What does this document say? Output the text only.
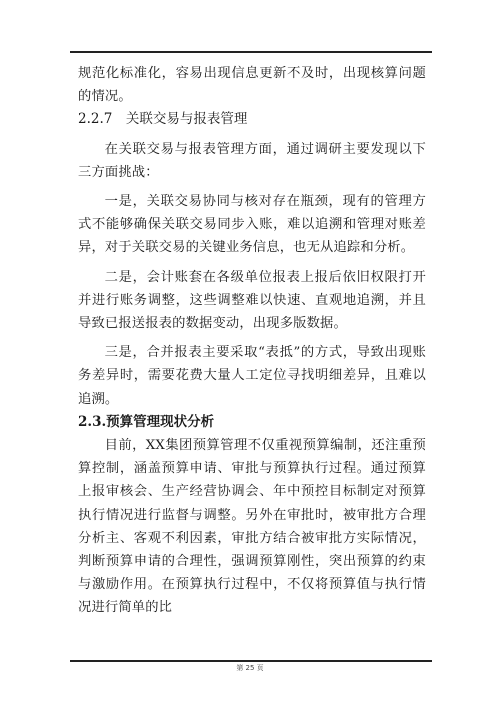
规范化标准化，容易出现信息更新不及时，出现核算问题的情况。

2.2.7　关联交易与报表管理

在关联交易与报表管理方面，通过调研主要发现以下三方面挑战：

一是，关联交易协同与核对存在瓶颈，现有的管理方式不能够确保关联交易同步入账，难以追溯和管理对账差异，对于关联交易的关键业务信息，也无从追踪和分析。

二是，会计账套在各级单位报表上报后依旧权限打开并进行账务调整，这些调整难以快速、直观地追溯，并且导致已报送报表的数据变动，出现多版数据。

三是，合并报表主要采取“表抵”的方式，导致出现账务差异时，需要花费大量人工定位寻找明细差异，且难以追溯。

2.3.预算管理现状分析

目前，XX集团预算管理不仅重视预算编制，还注重预算控制，涵盖预算申请、审批与预算执行过程。通过预算上报审核会、生产经营协调会、年中预控目标制定对预算执行情况进行监督与调整。另外在审批时，被审批方合理分析主、客观不利因素，审批方结合被审批方实际情况，判断预算申请的合理性，强调预算刚性，突出预算的约束与激励作用。在预算执行过程中，不仅将预算值与执行情况进行简单的比

第 25 页
